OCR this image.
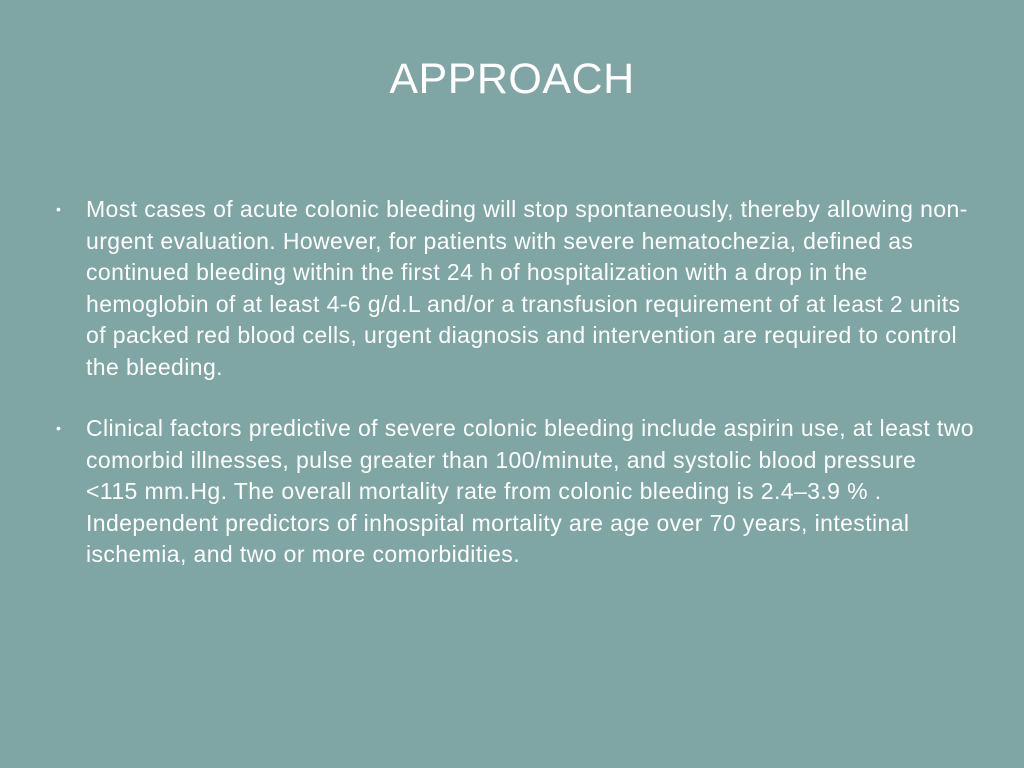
APPROACH
• Most cases of acute colonic bleeding will stop spontaneously, thereby allowing non-urgent evaluation. However, for patients with severe hematochezia, defined as continued bleeding within the first 24 h of hospitalization with a drop in the hemoglobin of at least 4-6 g/d.L and/or a transfusion requirement of at least 2 units of packed red blood cells, urgent diagnosis and intervention are required to control the bleeding.
• Clinical factors predictive of severe colonic bleeding include aspirin use, at least two comorbid illnesses, pulse greater than 100/minute, and systolic blood pressure <115 mm.Hg. The overall mortality rate from colonic bleeding is 2.4–3.9 % . Independent predictors of inhospital mortality are age over 70 years, intestinal ischemia, and two or more comorbidities.
